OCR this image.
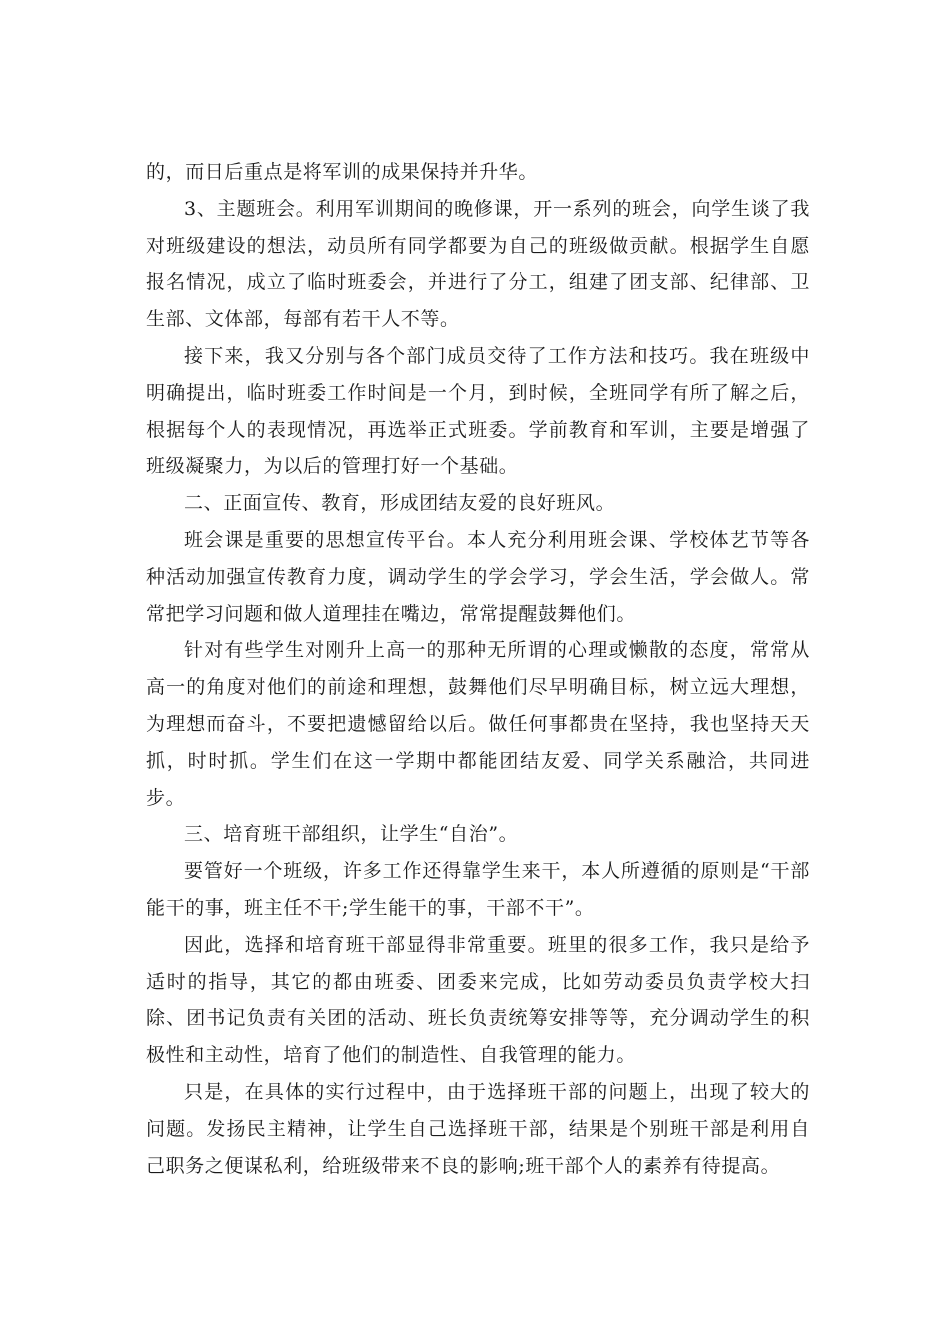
的，而日后重点是将军训的成果保持并升华。

3、主题班会。利用军训期间的晚修课，开一系列的班会，向学生谈了我对班级建设的想法，动员所有同学都要为自己的班级做贡献。根据学生自愿报名情况，成立了临时班委会，并进行了分工，组建了团支部、纪律部、卫生部、文体部，每部有若干人不等。

接下来，我又分别与各个部门成员交待了工作方法和技巧。我在班级中明确提出，临时班委工作时间是一个月，到时候，全班同学有所了解之后，根据每个人的表现情况，再选举正式班委。学前教育和军训，主要是增强了班级凝聚力，为以后的管理打好一个基础。

二、正面宣传、教育，形成团结友爱的良好班风。

班会课是重要的思想宣传平台。本人充分利用班会课、学校体艺节等各种活动加强宣传教育力度，调动学生的学会学习，学会生活，学会做人。常常把学习问题和做人道理挂在嘴边，常常提醒鼓舞他们。

针对有些学生对刚升上高一的那种无所谓的心理或懒散的态度，常常从高一的角度对他们的前途和理想，鼓舞他们尽早明确目标，树立远大理想，为理想而奋斗，不要把遗憾留给以后。做任何事都贵在坚持，我也坚持天天抓，时时抓。学生们在这一学期中都能团结友爱、同学关系融洽，共同进步。

三、培育班干部组织，让学生“自治”。

要管好一个班级，许多工作还得靠学生来干，本人所遵循的原则是“干部能干的事，班主任不干;学生能干的事，干部不干”。

因此，选择和培育班干部显得非常重要。班里的很多工作，我只是给予适时的指导，其它的都由班委、团委来完成，比如劳动委员负责学校大扫除、团书记负责有关团的活动、班长负责统筹安排等等，充分调动学生的积极性和主动性，培育了他们的制造性、自我管理的能力。

只是，在具体的实行过程中，由于选择班干部的问题上，出现了较大的问题。发扬民主精神，让学生自己选择班干部，结果是个别班干部是利用自己职务之便谋私利，给班级带来不良的影响;班干部个人的素养有待提高。
